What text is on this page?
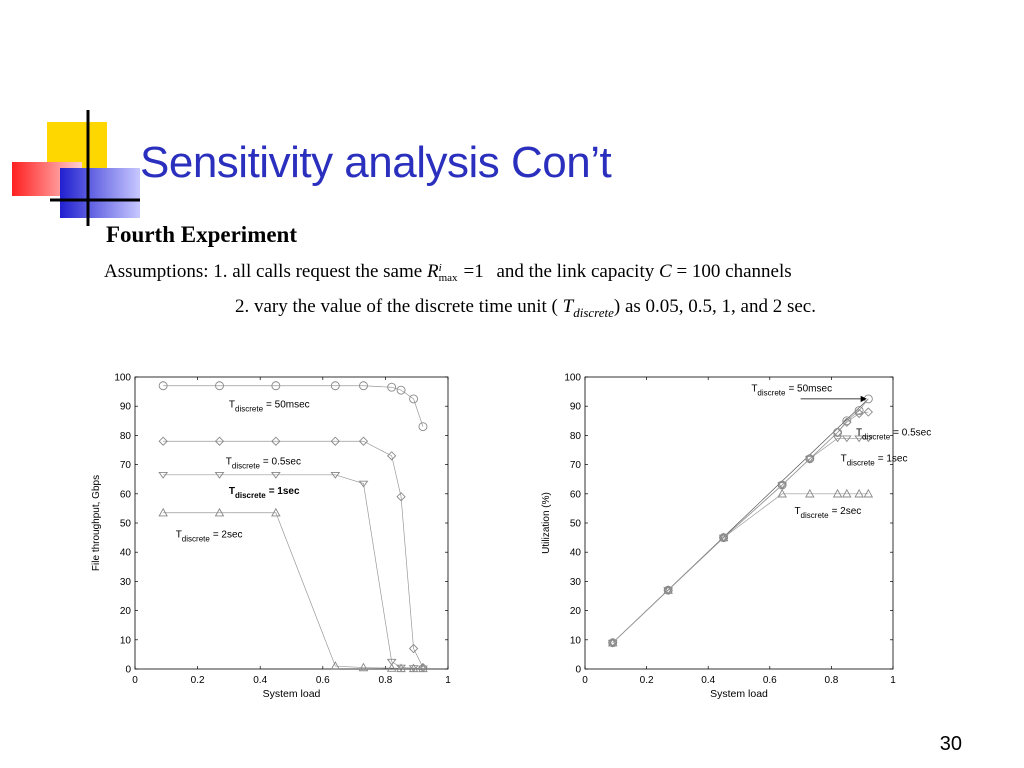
Sensitivity analysis Con’t
Fourth Experiment
Assumptions: 1. all calls request the same R i
max =1 and the link capacity C = 100 channels
2. vary the value of the discrete time unit ( $T_{discrete}$) as 0.05, 0.5, 1, and 2 sec.
0	0.2	0.4	0.6	0.8	1
0
10
20
30
40
50
60
70
80
90
100
System load
File throughput, Gbps
$T_{discrete} = 50msec$
$T_{discrete} = 0.5\sec$
$T_{discrete} = 1\sec$
$T_{discrete} = 2\sec$
0	0.2	0.4	0.6	0.8	1
0
10
20
30
40
50
60
70
80
90
100
System load
Utilization (%)
$T_{discrete} = 50msec$
$T_{discrete} = 0.5\sec$
$T_{discrete} = 1\sec$
$T_{discrete} = 2\sec$
30
